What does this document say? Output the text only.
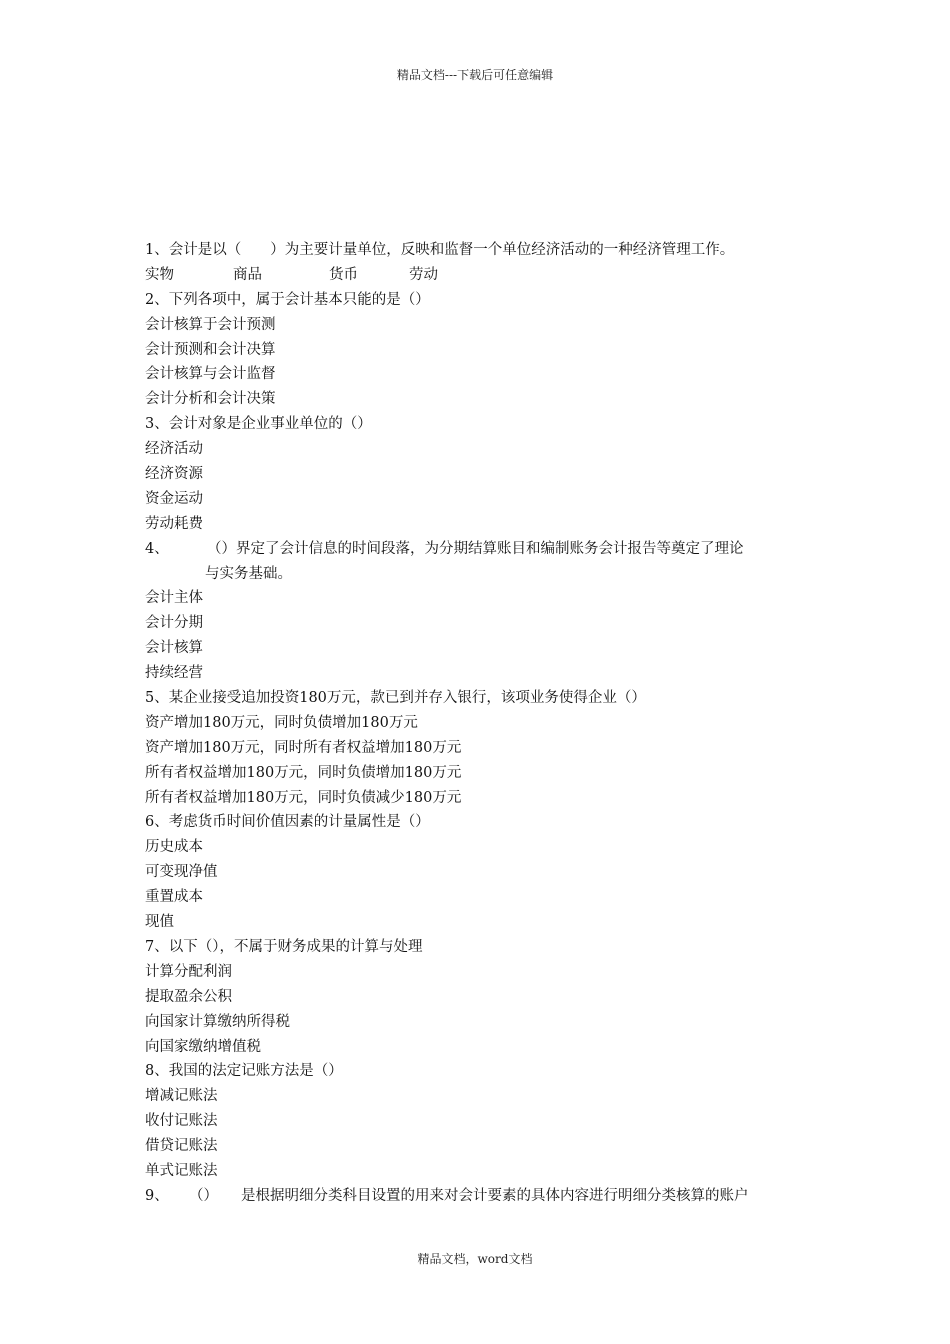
精品文档---下载后可任意编辑
1、会计是以（　　）为主要计量单位，反映和监督一个单位经济活动的一种经济管理工作。
实物	商品	货币	劳动
2、下列各项中，属于会计基本只能的是（）
会计核算于会计预测
会计预测和会计决算
会计核算与会计监督
会计分析和会计决策
3、会计对象是企业事业单位的（）
经济活动
经济资源
资金运动
劳动耗费
4、	（）界定了会计信息的时间段落，为分期结算账目和编制账务会计报告等奠定了理论
与实务基础。
会计主体
会计分期
会计核算
持续经营
5、某企业接受追加投资180万元，款已到并存入银行，该项业务使得企业（）
资产增加180万元，同时负债增加180万元
资产增加180万元，同时所有者权益增加180万元
所有者权益增加180万元，同时负债增加180万元
所有者权益增加180万元，同时负债减少180万元
6、考虑货币时间价值因素的计量属性是（）
历史成本
可变现净值
重置成本
现值
7、以下（），不属于财务成果的计算与处理
计算分配利润
提取盈余公积
向国家计算缴纳所得税
向国家缴纳增值税
8、我国的法定记账方法是（）
增减记账法
收付记账法
借贷记账法
单式记账法
9、 （） 是根据明细分类科目设置的用来对会计要素的具体内容进行明细分类核算的账户
精品文档，word文档
